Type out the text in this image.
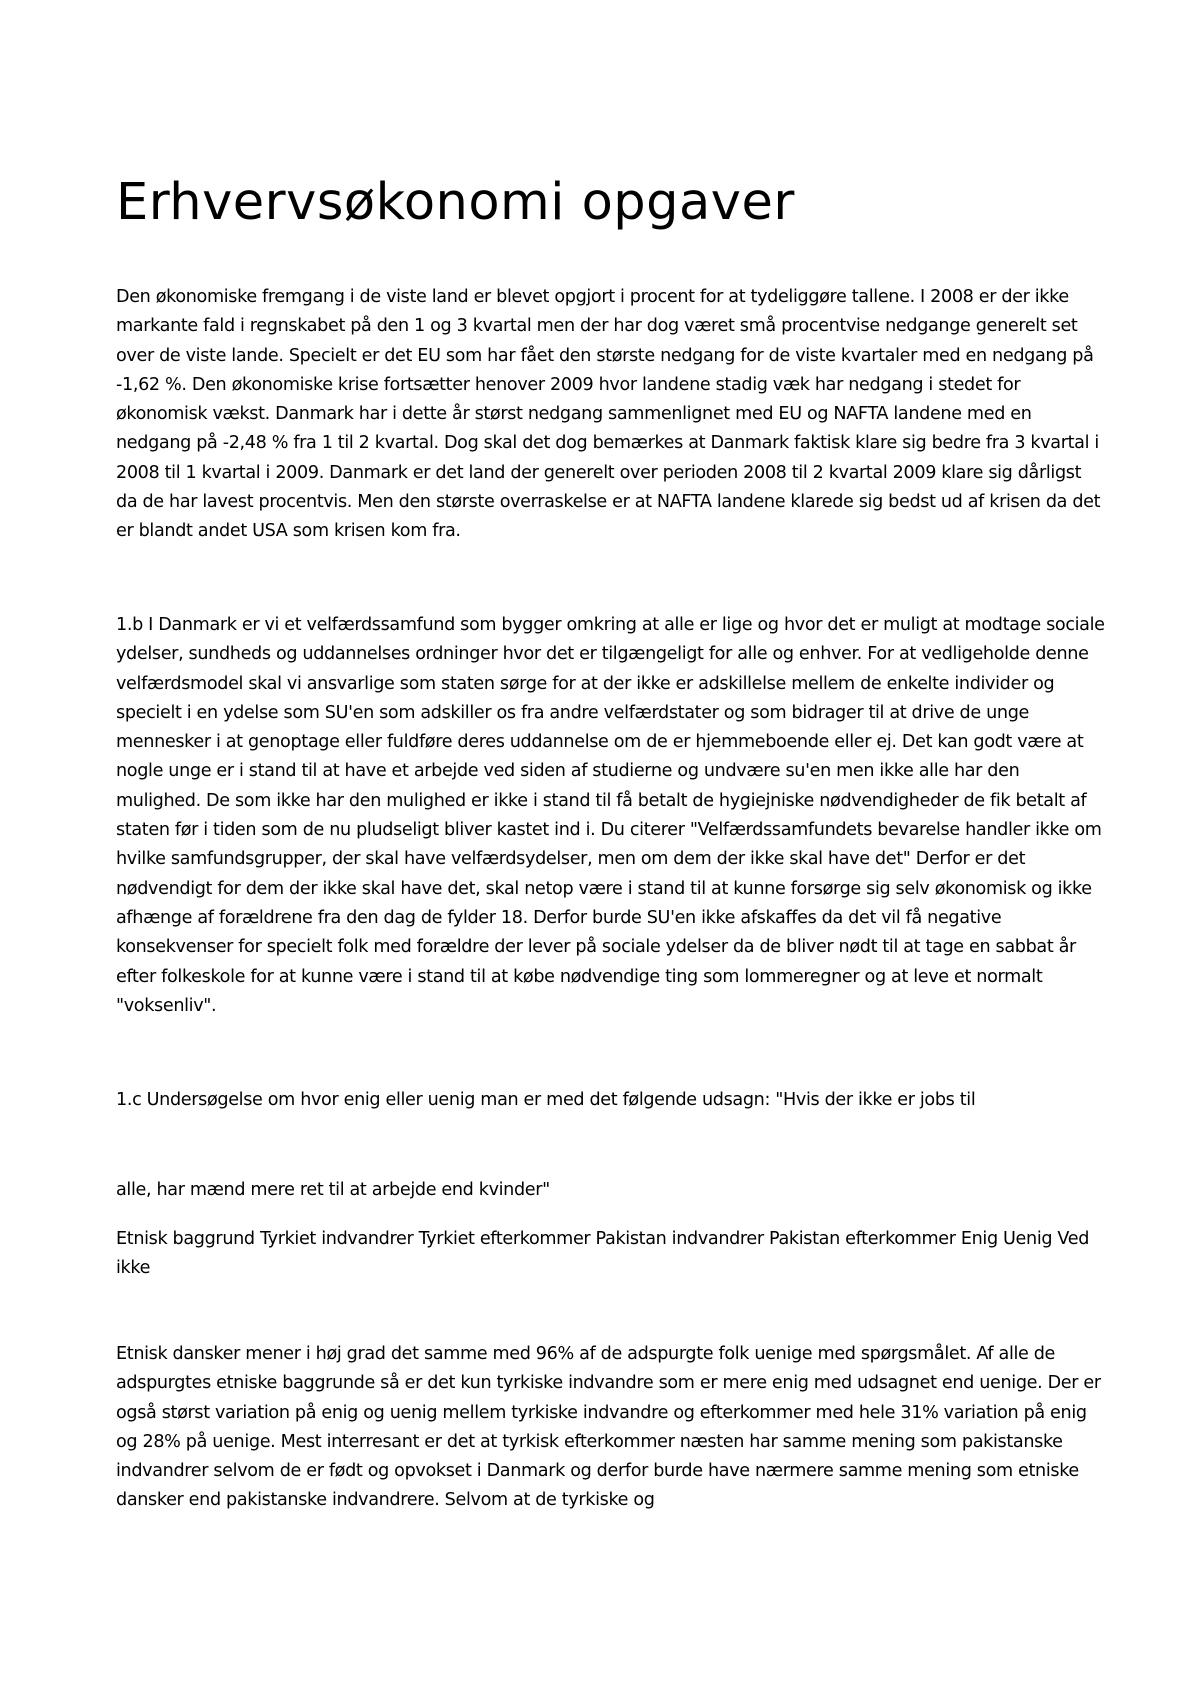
Erhvervsøkonomi opgaver

Den økonomiske fremgang i de viste land er blevet opgjort i procent for at tydeliggøre tallene. I 2008 er der ikke markante fald i regnskabet på den 1 og 3 kvartal men der har dog været små procentvise nedgange generelt set over de viste lande. Specielt er det EU som har fået den største nedgang for de viste kvartaler med en nedgang på -1,62 %. Den økonomiske krise fortsætter henover 2009 hvor landene stadig væk har nedgang i stedet for økonomisk vækst. Danmark har i dette år størst nedgang sammenlignet med EU og NAFTA landene med en nedgang på -2,48 % fra 1 til 2 kvartal. Dog skal det dog bemærkes at Danmark faktisk klare sig bedre fra 3 kvartal i 2008 til 1 kvartal i 2009. Danmark er det land der generelt over perioden 2008 til 2 kvartal 2009 klare sig dårligst da de har lavest procentvis. Men den største overraskelse er at NAFTA landene klarede sig bedst ud af krisen da det er blandt andet USA som krisen kom fra.

1.b I Danmark er vi et velfærdssamfund som bygger omkring at alle er lige og hvor det er muligt at modtage sociale ydelser, sundheds og uddannelses ordninger hvor det er tilgængeligt for alle og enhver. For at vedligeholde denne velfærdsmodel skal vi ansvarlige som staten sørge for at der ikke er adskillelse mellem de enkelte individer og specielt i en ydelse som SU'en som adskiller os fra andre velfærdstater og som bidrager til at drive de unge mennesker i at genoptage eller fuldføre deres uddannelse om de er hjemmeboende eller ej. Det kan godt være at nogle unge er i stand til at have et arbejde ved siden af studierne og undvære su'en men ikke alle har den mulighed. De som ikke har den mulighed er ikke i stand til få betalt de hygiejniske nødvendigheder de fik betalt af staten før i tiden som de nu pludseligt bliver kastet ind i. Du citerer "Velfærdssamfundets bevarelse handler ikke om hvilke samfundsgrupper, der skal have velfærdsydelser, men om dem der ikke skal have det" Derfor er det nødvendigt for dem der ikke skal have det, skal netop være i stand til at kunne forsørge sig selv økonomisk og ikke afhænge af forældrene fra den dag de fylder 18. Derfor burde SU'en ikke afskaffes da det vil få negative konsekvenser for specielt folk med forældre der lever på sociale ydelser da de bliver nødt til at tage en sabbat år efter folkeskole for at kunne være i stand til at købe nødvendige ting som lommeregner og at leve et normalt "voksenliv".

1.c Undersøgelse om hvor enig eller uenig man er med det følgende udsagn: "Hvis der ikke er jobs til

alle, har mænd mere ret til at arbejde end kvinder"

Etnisk baggrund Tyrkiet indvandrer Tyrkiet efterkommer Pakistan indvandrer Pakistan efterkommer Enig Uenig Ved ikke

Etnisk dansker mener i høj grad det samme med 96% af de adspurgte folk uenige med spørgsmålet. Af alle de adspurgtes etniske baggrunde så er det kun tyrkiske indvandre som er mere enig med udsagnet end uenige. Der er også størst variation på enig og uenig mellem tyrkiske indvandre og efterkommer med hele 31% variation på enig og 28% på uenige. Mest interresant er det at tyrkisk efterkommer næsten har samme mening som pakistanske indvandrer selvom de er født og opvokset i Danmark og derfor burde have nærmere samme mening som etniske dansker end pakistanske indvandrere. Selvom at de tyrkiske og
